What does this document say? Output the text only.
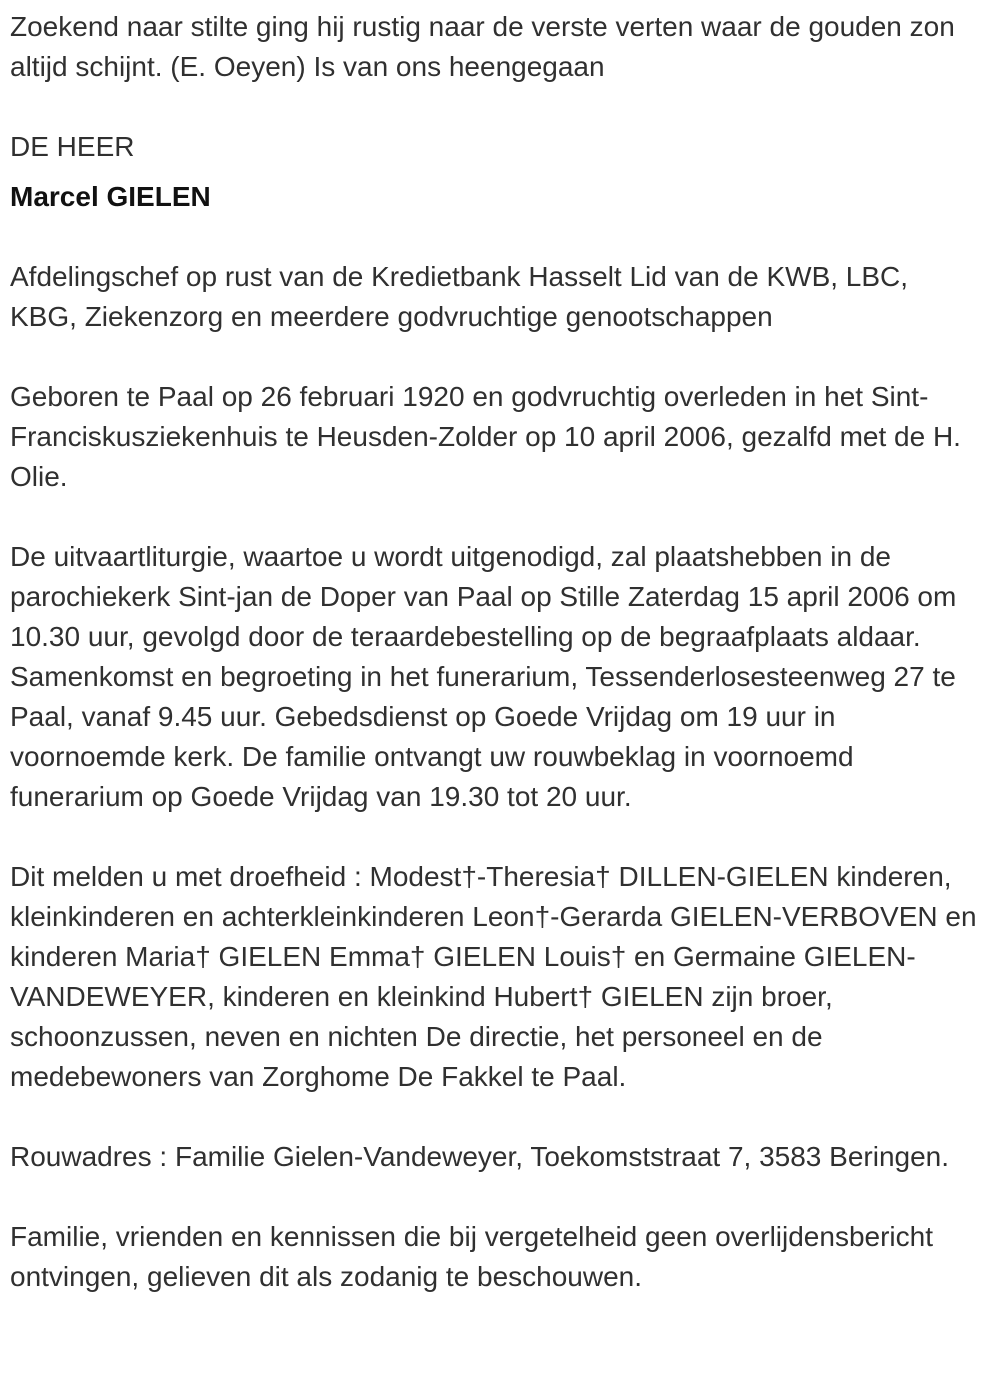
Zoekend naar stilte ging hij rustig naar de verste verten waar de gouden zon altijd schijnt. (E. Oeyen) Is van ons heengegaan

DE HEER

Marcel GIELEN

Afdelingschef op rust van de Kredietbank Hasselt Lid van de KWB, LBC, KBG, Ziekenzorg en meerdere godvruchtige genootschappen

Geboren te Paal op 26 februari 1920 en godvruchtig overleden in het Sint-Franciskusziekenhuis te Heusden-Zolder op 10 april 2006, gezalfd met de H. Olie.

De uitvaartliturgie, waartoe u wordt uitgenodigd, zal plaatshebben in de parochiekerk Sint-jan de Doper van Paal op Stille Zaterdag 15 april 2006 om 10.30 uur, gevolgd door de teraardebestelling op de begraafplaats aldaar. Samenkomst en begroeting in het funerarium, Tessenderlosesteenweg 27 te Paal, vanaf 9.45 uur. Gebedsdienst op Goede Vrijdag om 19 uur in voornoemde kerk. De familie ontvangt uw rouwbeklag in voornoemd funerarium op Goede Vrijdag van 19.30 tot 20 uur.

Dit melden u met droefheid : Modest†-Theresia† DILLEN-GIELEN kinderen, kleinkinderen en achterkleinkinderen Leon†-Gerarda GIELEN-VERBOVEN en kinderen Maria† GIELEN Emma† GIELEN Louis† en Germaine GIELEN-VANDEWEYER, kinderen en kleinkind Hubert† GIELEN zijn broer, schoonzussen, neven en nichten De directie, het personeel en de medebewoners van Zorghome De Fakkel te Paal.

Rouwadres : Familie Gielen-Vandeweyer, Toekomststraat 7, 3583 Beringen.

Familie, vrienden en kennissen die bij vergetelheid geen overlijdensbericht ontvingen, gelieven dit als zodanig te beschouwen.
